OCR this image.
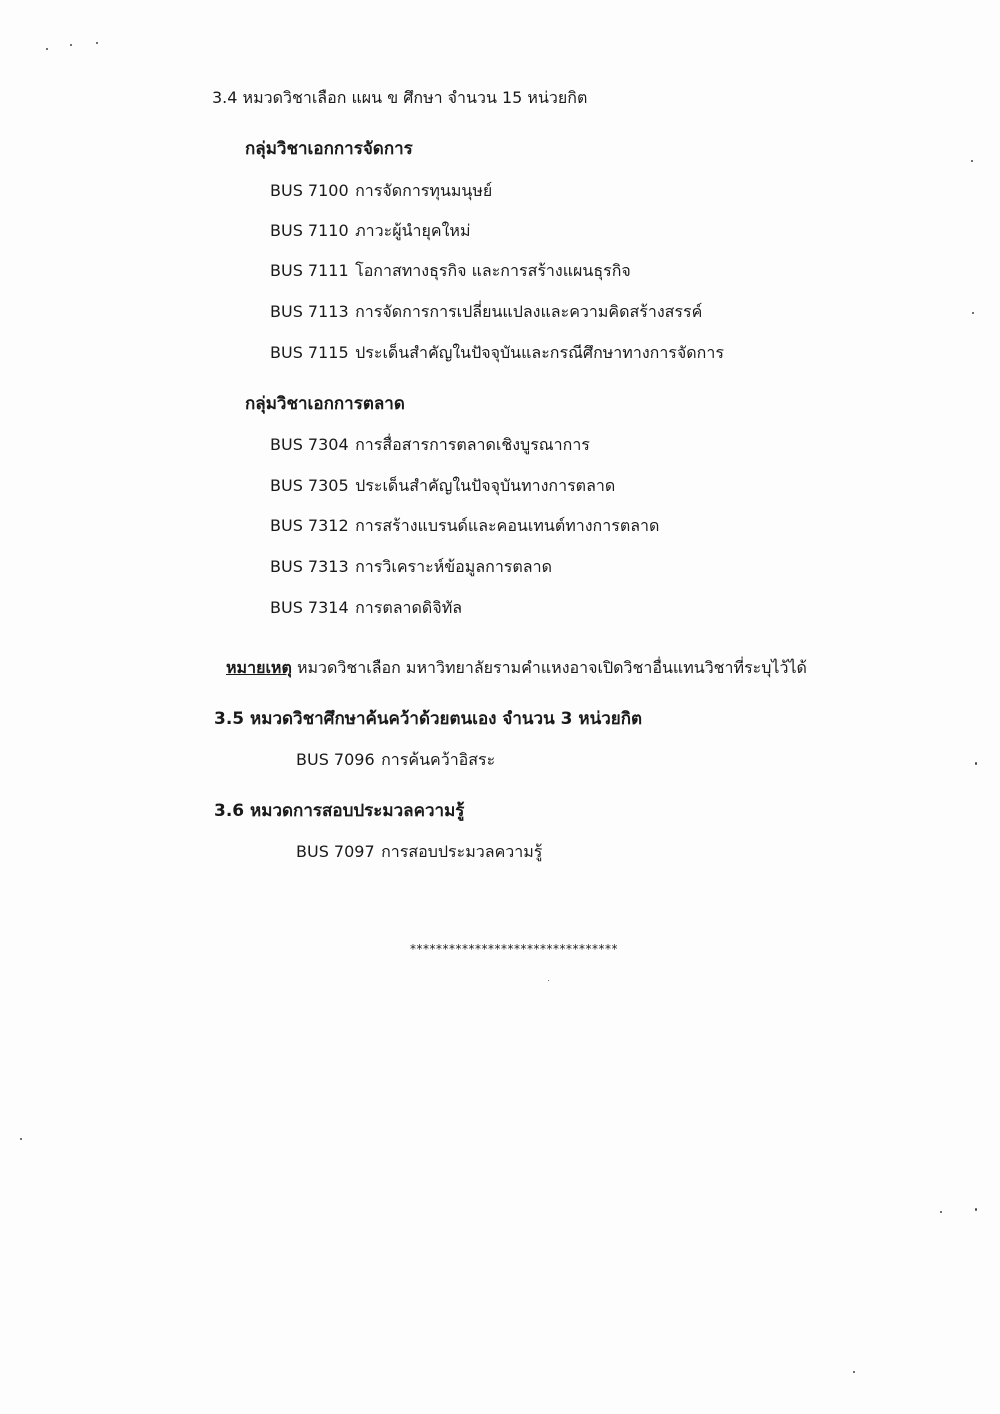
3.4 หมวดวิชาเลือก แผน ข ศึกษา จำนวน 15 หน่วยกิต
กลุ่มวิชาเอกการจัดการ
BUS 7100 การจัดการทุนมนุษย์
BUS 7110 ภาวะผู้นำยุคใหม่
BUS 7111 โอกาสทางธุรกิจ และการสร้างแผนธุรกิจ
BUS 7113 การจัดการการเปลี่ยนแปลงและความคิดสร้างสรรค์
BUS 7115 ประเด็นสำคัญในปัจจุบันและกรณีศึกษาทางการจัดการ
กลุ่มวิชาเอกการตลาด
BUS 7304 การสื่อสารการตลาดเชิงบูรณาการ
BUS 7305 ประเด็นสำคัญในปัจจุบันทางการตลาด
BUS 7312 การสร้างแบรนด์และคอนเทนต์ทางการตลาด
BUS 7313 การวิเคราะห์ข้อมูลการตลาด
BUS 7314 การตลาดดิจิทัล
หมายเหตุ หมวดวิชาเลือก มหาวิทยาลัยรามคำแหงอาจเปิดวิชาอื่นแทนวิชาที่ระบุไว้ได้
3.5 หมวดวิชาศึกษาค้นคว้าด้วยตนเอง จำนวน 3 หน่วยกิต
BUS 7096 การค้นคว้าอิสระ
3.6 หมวดการสอบประมวลความรู้
BUS 7097 การสอบประมวลความรู้
********************************
